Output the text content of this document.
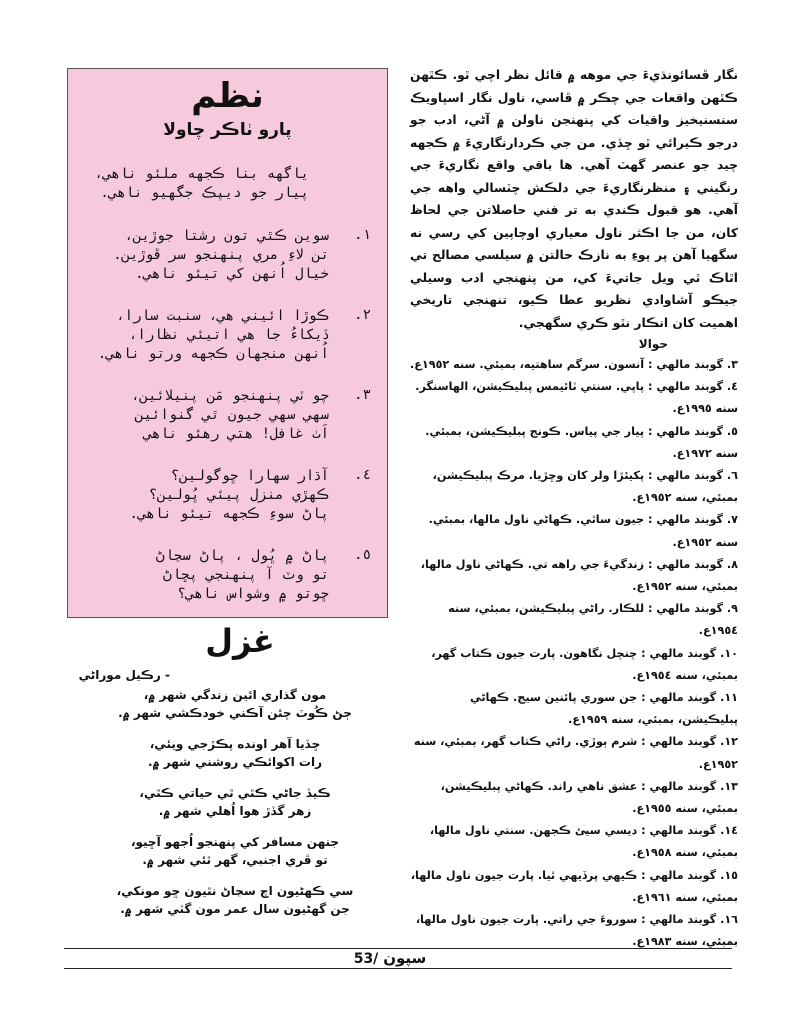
نظم
پارو ٺاڪر چاولا
ياگهه بنا ڪجهه ملئو ناهي،
پيار جو ديپڪ جگهيو ناهي.
١.
سوين ڪٿي تون رشتا جوڙين،
تن لاءِ مري پنهنجو سر ڦوڙين.
خيال اُنهن کي تيئو ناهي.
٢.
ڪوڙا ائيني هي، سنبت سارا،
ڏيکاءُ جا هي اتيئي نظارا،
اُنهن منجهان ڪجهه ورتو ناهي.
٣.
چو ٽي پنهنجو مَن پنيلائين،
سهي سهي جيون ٿي گنوائين
اَٺ غافل! هتي رهئو ناهي
٤.
آڌار سهارا ڇوگولين؟
ڪهڙي منزل پيئي ڀُولين؟
پاڻ سوءِ ڪجهه تيئو ناهي.
٥.
پاڻ ۾ ڀُول ، پاڻ سڃاڻ
تو وٽ آ پنهنجي پڇاڻ
ڇوتو ۾ وشواس ناهي؟
غزل
- رڪيل موراڻي
مون گذاري ائين زندگي شهر ۾،
ڄڻ ڪُوٽ چئن آڪني خودڪشي شهر ۾.
ڇڏيا آهر اونده پڪڙجي ويئي،
رات اکوائڪي روشني شهر ۾.
ڪيڏ جاڻي ڪٿي ٿي حياتي ڪٿي،
زهر گڏڙ هوا اُهلي شهر ۾.
جنهن مسافر کي پنهنجو اُجهو آڇيو،
تو ڦري اجنبي، گهر ٿئي شهر ۾.
سي ڪهڻيون اچ سڃاڻ نٿيون ڇو مونکي،
جن گهڻيون سال عمر مون گٽي شهر ۾.

نگار ڦسائونڌيءَ جي موهه ۾ قائل نظر اچي ٿو. ڪٿهن ڪٿهن واقعات جي چڪر ۾ ڦاسي، ناول نگار اسپاويڪ سنسنيخيز واقيات کي پنهنجن ناولن ۾ آڻي، ادب جو درجو ڪيرائي ٿو ڇڏي. من جي ڪردارنگاريءَ ۾ ڪجهه چيد جو عنصر گهٽ آهي. ها باقي واقع نگاريءَ جي رنگيني ۽ منظرنگاريءَ جي دلڪش چٽسالي واهه جي آهي. هو قبول ڪندي به تر فني حاصلاتن جي لحاظ کان، من جا اڪثر ناول معياري اوچاپين کي رسي نه سگهيا آهن پر پوءِ به نازڪ حالتن ۾ سيلسي مصالح تي اٿاڪ ٿي ويل جاتيءَ کي، من پنهنجي ادب وسيلي جيڪو آشاوادي نظريو عطا ڪيو، تنهنجي تاريخي اهميت کان انڪار نٿو ڪري سگهجي.

حوالا
٣. گوبند مالهي : آنسون. سرگم ساهتيه، بمبئي. سنه ١٩٥٢ع.
٤. گوبند مالهي : پاپي. سنتي ٽائيمس پبليڪيشن، الهاسنگر. سنه ١٩٩٥ع.
٥. گوبند مالهي : پيار جي پياس. ڪونج پبليڪيشن، بمبئي. سنه ١٩٧٢ع.
٦. گوبند مالهي : پکيئڙا ولر کان وڇڙيا. مرڪ پبليڪيشن، بمبئي، سنه ١٩٥٢ع.
٧. گوبند مالهي : جيون ساٿي. ڪهاڻي ناول مالها، بمبئي. سنه ١٩٥٢ع.
٨. گوبند مالهي : زندگيءَ جي راهه تي. ڪهاڻي ناول مالها، بمبئي، سنه ١٩٥٢ع.
٩. گوبند مالهي : للڪار. راڻي پبليڪيشن، بمبئي، سنه ١٩٥٤ع.
١٠. گوبند مالهي : چنچل نگاهون. پارت جيون ڪتاب گهر، بمبئي، سنه ١٩٥٤ع.
١١. گوبند مالهي : جن سوري پائنين سيج. ڪهاڻي پبليڪيشن، بمبئي، سنه ١٩٥٩ع.
١٢. گوبند مالهي : شرم ٻوڙي. راڻي ڪتاب گهر، بمبئي، سنه ١٩٥٢ع.
١٣. گوبند مالهي : عشق ناهي راند. ڪهاڻي پبليڪيشن، بمبئي، سنه ١٩٥٥ع.
١٤. گوبند مالهي : ديسي سيئ ڪجهن. سنتي ناول مالها، بمبئي، سنه ١٩٥٨ع.
١٥. گوبند مالهي : ڪيهي پرڏيهي ٿيا. پارت جيون ناول مالها، بمبئي، سنه ١٩٦١ع.
١٦. گوبند مالهي : سوروءَ جي راتي. پارت جيون ناول مالها، بمبئي، سنه ١٩٨٣ع.
53/ سپون
